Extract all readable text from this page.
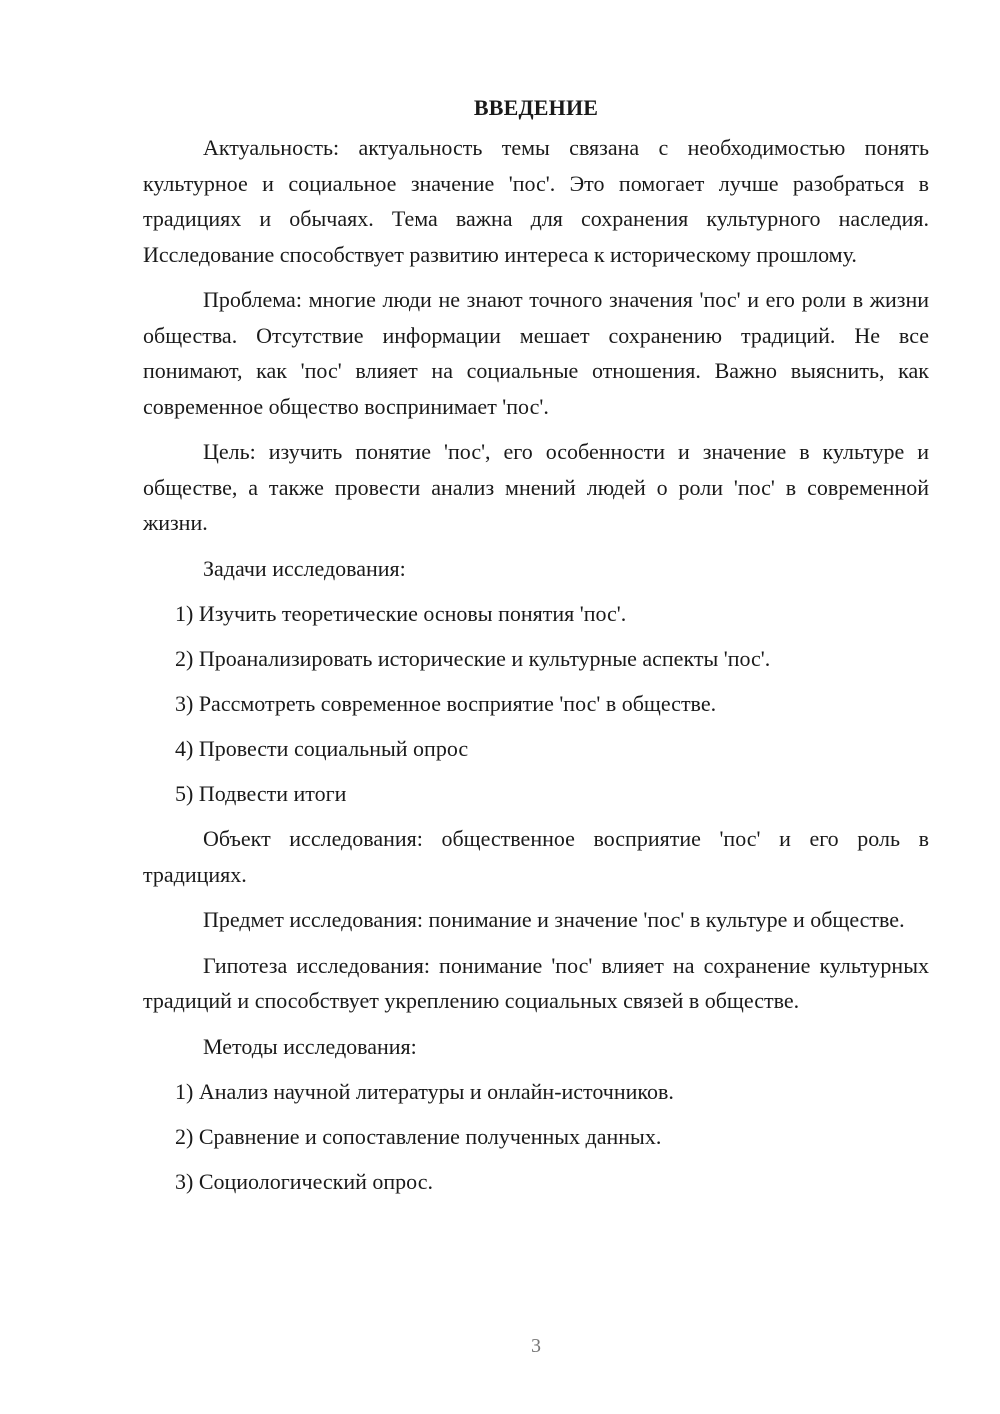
ВВЕДЕНИЕ

Актуальность: актуальность темы связана с необходимостью понять культурное и социальное значение 'пос'. Это помогает лучше разобраться в традициях и обычаях. Тема важна для сохранения культурного наследия. Исследование способствует развитию интереса к историческому прошлому.

Проблема: многие люди не знают точного значения 'пос' и его роли в жизни общества. Отсутствие информации мешает сохранению традиций. Не все понимают, как 'пос' влияет на социальные отношения. Важно выяснить, как современное общество воспринимает 'пос'.

Цель: изучить понятие 'пос', его особенности и значение в культуре и обществе, а также провести анализ мнений людей о роли 'пос' в современной жизни.

Задачи исследования:

1) Изучить теоретические основы понятия 'пос'.
2) Проанализировать исторические и культурные аспекты 'пос'.
3) Рассмотреть современное восприятие 'пос' в обществе.
4) Провести социальный опрос
5) Подвести итоги

Объект исследования: общественное восприятие 'пос' и его роль в традициях.

Предмет исследования: понимание и значение 'пос' в культуре и обществе.

Гипотеза исследования: понимание 'пос' влияет на сохранение культурных традиций и способствует укреплению социальных связей в обществе.

Методы исследования:

1) Анализ научной литературы и онлайн-источников.
2) Сравнение и сопоставление полученных данных.
3) Социологический опрос.
3
